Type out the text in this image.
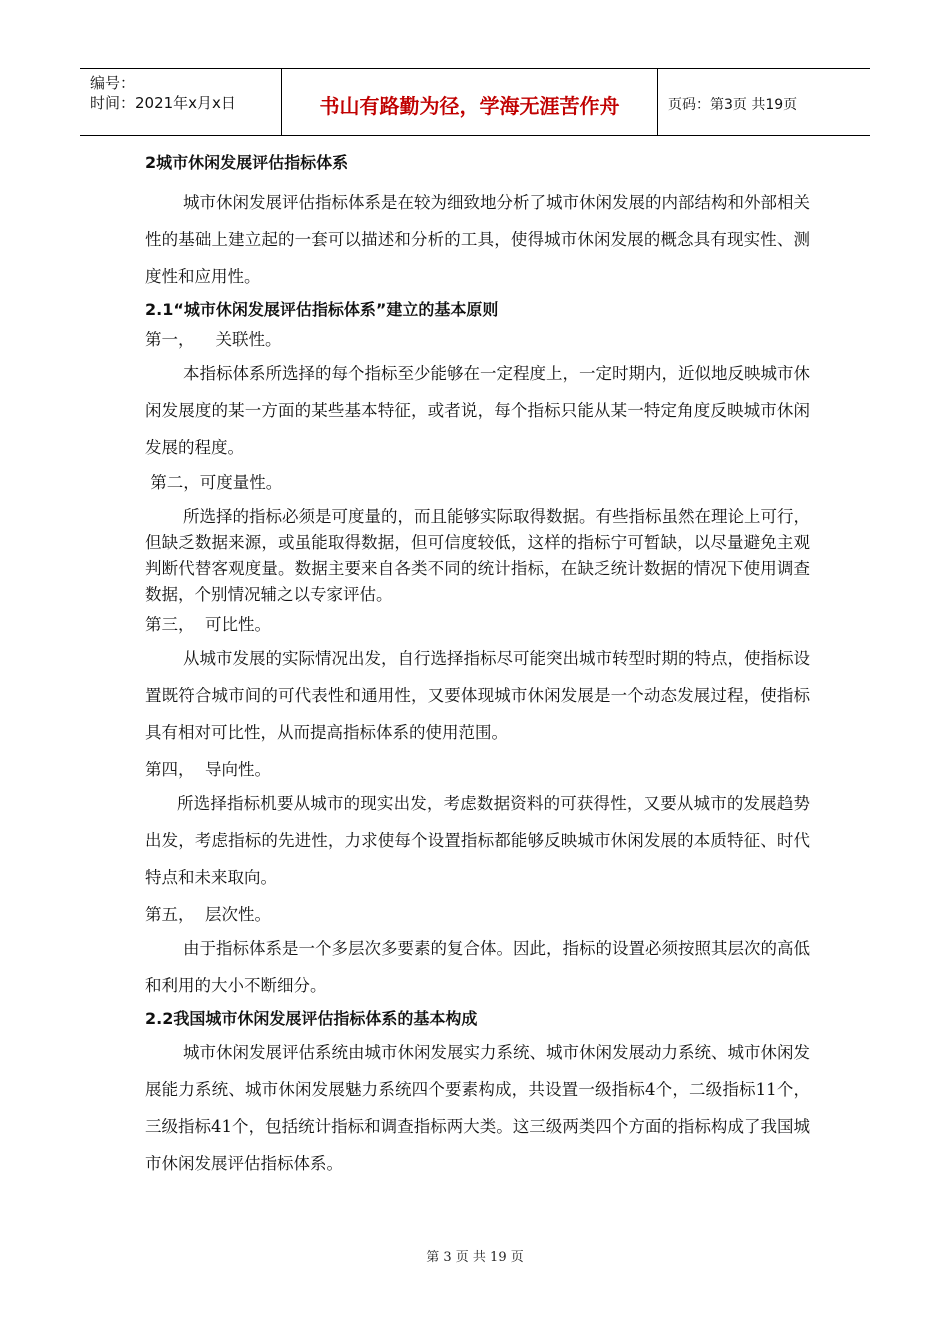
编号：
时间：2021年x月x日	书山有路勤为径，学海无涯苦作舟	页码：第3页 共19页
2城市休闲发展评估指标体系

城市休闲发展评估指标体系是在较为细致地分析了城市休闲发展的内部结构和外部相关性的基础上建立起的一套可以描述和分析的工具，使得城市休闲发展的概念具有现实性、测度性和应用性。

2.1“城市休闲发展评估指标体系”建立的基本原则

第一，    关联性。

本指标体系所选择的每个指标至少能够在一定程度上，一定时期内，近似地反映城市休闲发展度的某一方面的某些基本特征，或者说，每个指标只能从某一特定角度反映城市休闲发展的程度。

第二，可度量性。

所选择的指标必须是可度量的，而且能够实际取得数据。有些指标虽然在理论上可行，但缺乏数据来源，或虽能取得数据，但可信度较低，这样的指标宁可暂缺，以尽量避免主观判断代替客观度量。数据主要来自各类不同的统计指标，在缺乏统计数据的情况下使用调查数据，个别情况辅之以专家评估。

第三，  可比性。

从城市发展的实际情况出发，自行选择指标尽可能突出城市转型时期的特点，使指标设置既符合城市间的可代表性和通用性，又要体现城市休闲发展是一个动态发展过程，使指标具有相对可比性，从而提高指标体系的使用范围。

第四，  导向性。

所选择指标机要从城市的现实出发，考虑数据资料的可获得性，又要从城市的发展趋势出发，考虑指标的先进性，力求使每个设置指标都能够反映城市休闲发展的本质特征、时代特点和未来取向。

第五，  层次性。

由于指标体系是一个多层次多要素的复合体。因此，指标的设置必须按照其层次的高低和利用的大小不断细分。

2.2我国城市休闲发展评估指标体系的基本构成

城市休闲发展评估系统由城市休闲发展实力系统、城市休闲发展动力系统、城市休闲发展能力系统、城市休闲发展魅力系统四个要素构成，共设置一级指标4个，二级指标11个，三级指标41个，包括统计指标和调查指标两大类。这三级两类四个方面的指标构成了我国城市休闲发展评估指标体系。

第 3 页 共 19 页
